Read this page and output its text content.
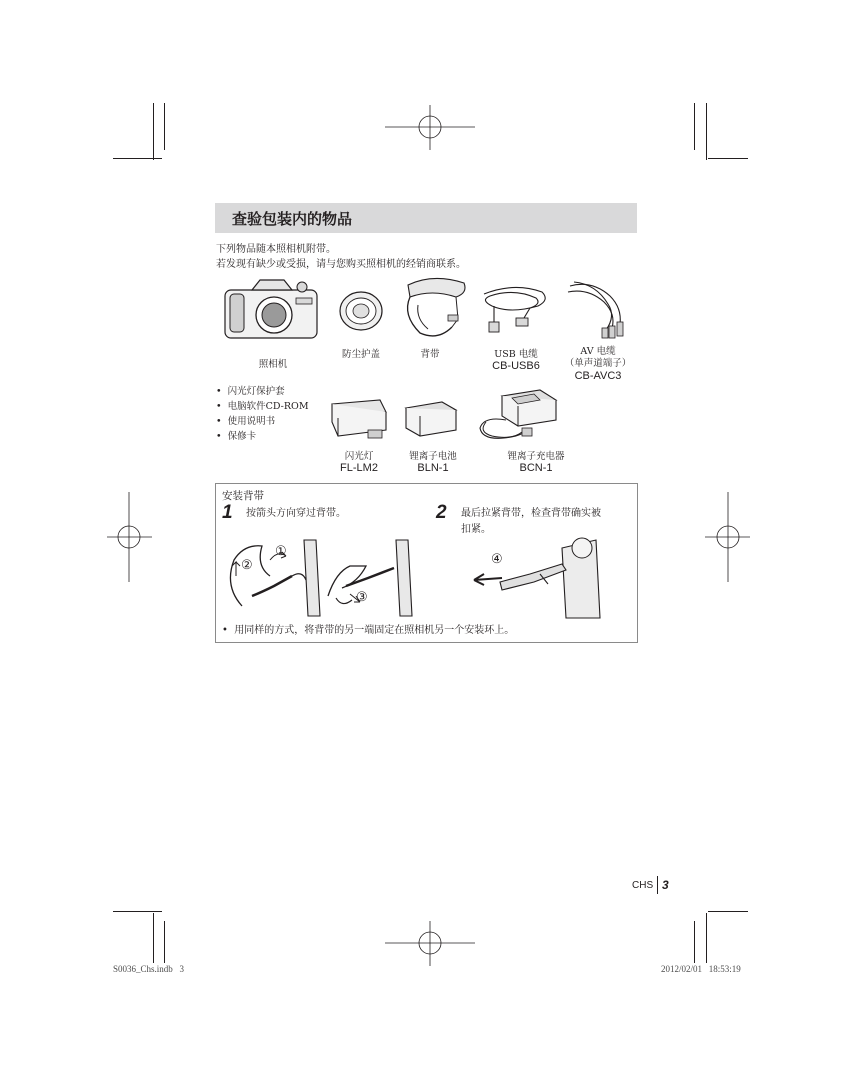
查验包装内的物品
下列物品随本照相机附带。
若发现有缺少或受损，请与您购买照相机的经销商联系。
照相机
防尘护盖	背带	USB 电缆
CB-USB6
AV 电缆
（单声道端子）
CB-AVC3
• 闪光灯保护套
• 电脑软件CD-ROM
• 使用说明书
• 保修卡
闪光灯
FL-LM2
锂离子电池
BLN-1
锂离子充电器
BCN-1
安装背带
1 按箭头方向穿过背带。	2 最后拉紧背带，检查背带确实被
扣紧。
①
②
③
④
•  用同样的方式，将背带的另一端固定在照相机另一个安装环上。
CHS 3
S0036_Chs.indb   3	2012/02/01   18:53:19
